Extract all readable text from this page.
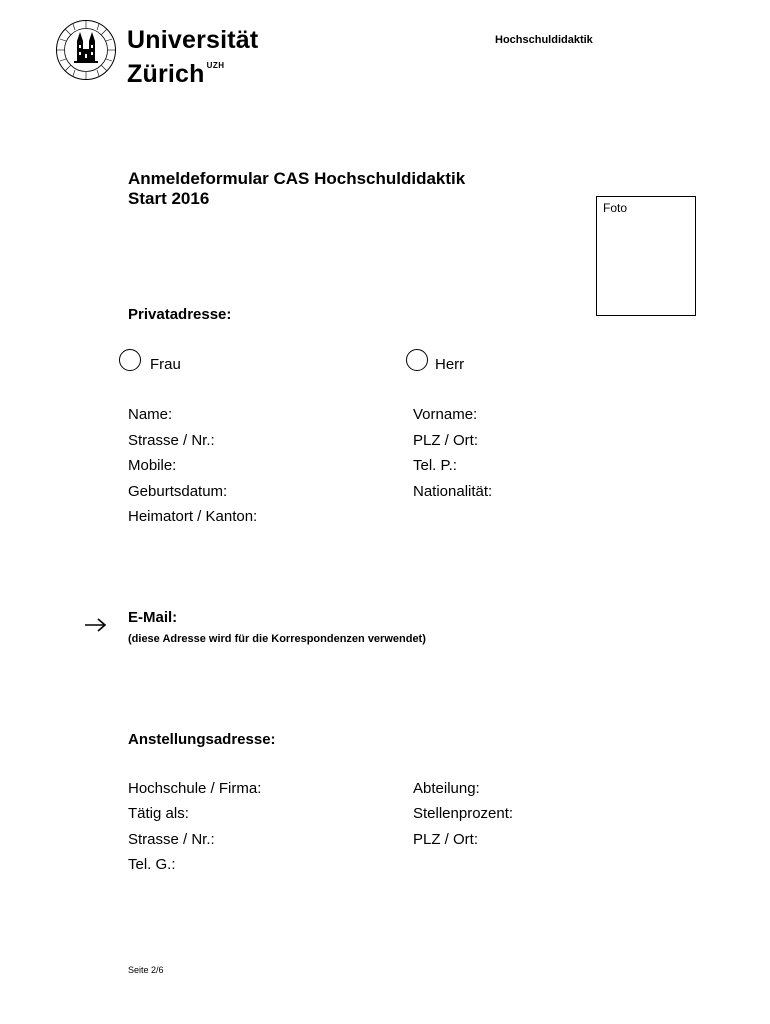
Universität
Zürich $^{UZH}$
Hochschuldidaktik
Anmeldeformular CAS Hochschuldidaktik
Start 2016	Foto
Privatadresse:
Frau	Herr
Name:
Strasse / Nr.:
Mobile:
Geburtsdatum:
Heimatort / Kanton:
Vorname:
PLZ / Ort:
Tel. P.:
Nationalität:
E-Mail:
(diese Adresse wird für die Korrespondenzen verwendet)
Anstellungsadresse:
Hochschule / Firma:
Tätig als:
Strasse / Nr.:
Tel. G.:
Abteilung:
Stellenprozent:
PLZ / Ort:
Seite 2/6
